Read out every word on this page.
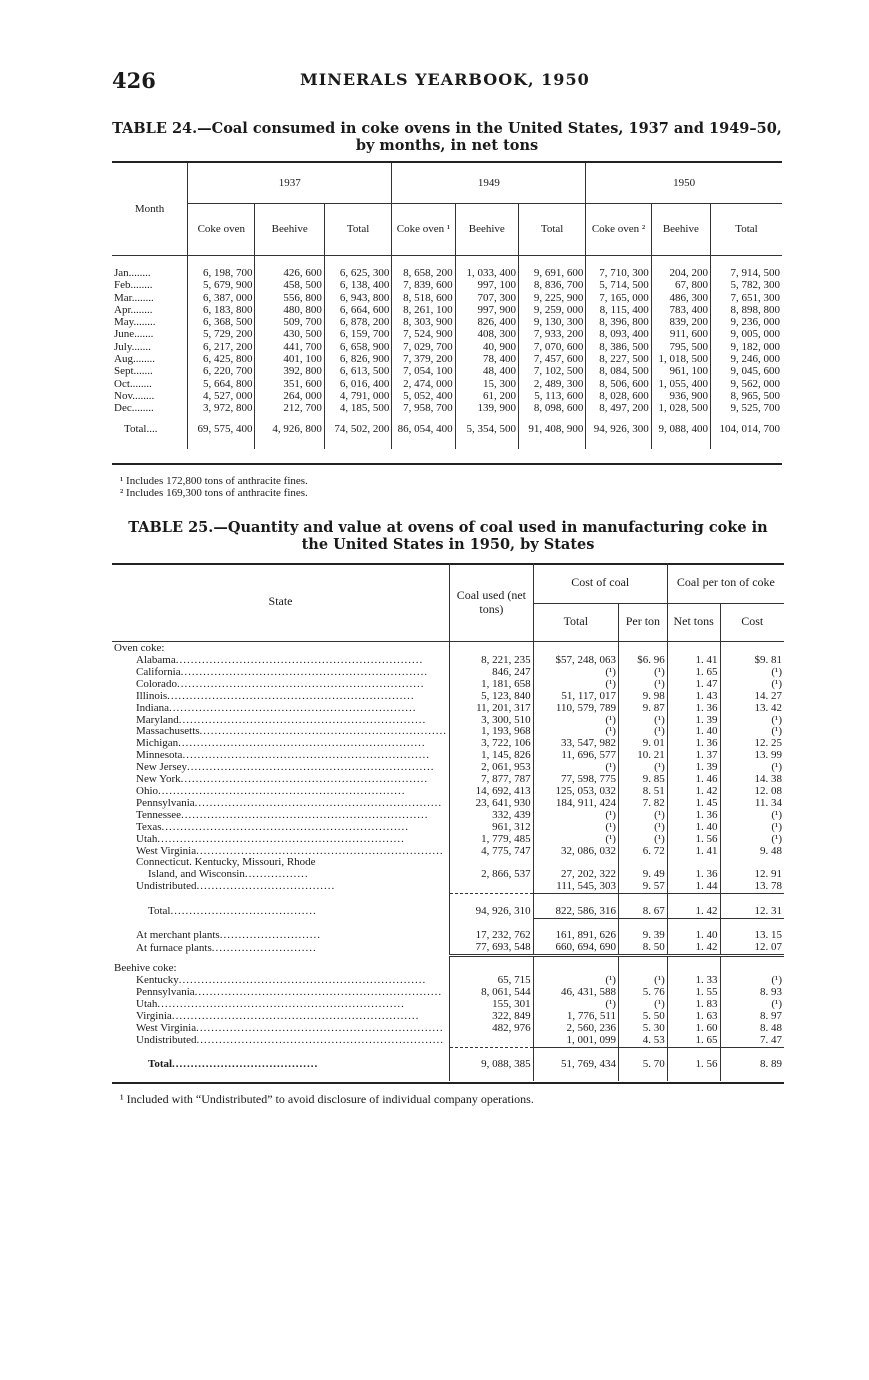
426	MINERALS YEARBOOK, 1950
TABLE 24.—Coal consumed in coke ovens in the United States, 1937 and 1949–50,
by months, in net tons
Month	1937			1949			1950		
	Coke oven	Beehive	Total	Coke oven ¹	Beehive	Total	Coke oven ²	Beehive	Total

Jan........	6, 198, 700	426, 600	6, 625, 300	8, 658, 200	1, 033, 400	9, 691, 600	7, 710, 300	204, 200	7, 914, 500
Feb........	5, 679, 900	458, 500	6, 138, 400	7, 839, 600	997, 100	8, 836, 700	5, 714, 500	67, 800	5, 782, 300
Mar........	6, 387, 000	556, 800	6, 943, 800	8, 518, 600	707, 300	9, 225, 900	7, 165, 000	486, 300	7, 651, 300
Apr........	6, 183, 800	480, 800	6, 664, 600	8, 261, 100	997, 900	9, 259, 000	8, 115, 400	783, 400	8, 898, 800
May........	6, 368, 500	509, 700	6, 878, 200	8, 303, 900	826, 400	9, 130, 300	8, 396, 800	839, 200	9, 236, 000
June.......	5, 729, 200	430, 500	6, 159, 700	7, 524, 900	408, 300	7, 933, 200	8, 093, 400	911, 600	9, 005, 000
July.......	6, 217, 200	441, 700	6, 658, 900	7, 029, 700	40, 900	7, 070, 600	8, 386, 500	795, 500	9, 182, 000
Aug........	6, 425, 800	401, 100	6, 826, 900	7, 379, 200	78, 400	7, 457, 600	8, 227, 500	1, 018, 500	9, 246, 000
Sept.......	6, 220, 700	392, 800	6, 613, 500	7, 054, 100	48, 400	7, 102, 500	8, 084, 500	961, 100	9, 045, 600
Oct........	5, 664, 800	351, 600	6, 016, 400	2, 474, 000	15, 300	2, 489, 300	8, 506, 600	1, 055, 400	9, 562, 000
Nov........	4, 527, 000	264, 000	4, 791, 000	5, 052, 400	61, 200	5, 113, 600	8, 028, 600	936, 900	8, 965, 500
Dec........	3, 972, 800	212, 700	4, 185, 500	7, 958, 700	139, 900	8, 098, 600	8, 497, 200	1, 028, 500	9, 525, 700

Total....	69, 575, 400	4, 926, 800	74, 502, 200	86, 054, 400	5, 354, 500	91, 408, 900	94, 926, 300	9, 088, 400	104, 014, 700

¹ Includes 172,800 tons of anthracite fines.
² Includes 169,300 tons of anthracite fines.
TABLE 25.—Quantity and value at ovens of coal used in manufacturing coke in
the United States in 1950, by States
State	Coal used (net tons)	Cost of coal		Coal per ton of coke	
		Total	Per ton	Net tons	Cost
Oven coke:					
Alabama..................................................................	8, 221, 235	$57, 248, 063	$6. 96	1. 41	$9. 81
California..................................................................	846, 247	(¹)	(¹)	1. 65	(¹)
Colorado..................................................................	1, 181, 658	(¹)	(¹)	1. 47	(¹)
Illinois..................................................................	5, 123, 840	51, 117, 017	9. 98	1. 43	14. 27
Indiana..................................................................	11, 201, 317	110, 579, 789	9. 87	1. 36	13. 42
Maryland..................................................................	3, 300, 510	(¹)	(¹)	1. 39	(¹)
Massachusetts..................................................................	1, 193, 968	(¹)	(¹)	1. 40	(¹)
Michigan..................................................................	3, 722, 106	33, 547, 982	9. 01	1. 36	12. 25
Minnesota..................................................................	1, 145, 826	11, 696, 577	10. 21	1. 37	13. 99
New Jersey..................................................................	2, 061, 953	(¹)	(¹)	1. 39	(¹)
New York..................................................................	7, 877, 787	77, 598, 775	9. 85	1. 46	14. 38
Ohio..................................................................	14, 692, 413	125, 053, 032	8. 51	1. 42	12. 08
Pennsylvania..................................................................	23, 641, 930	184, 911, 424	7. 82	1. 45	11. 34
Tennessee..................................................................	332, 439	(¹)	(¹)	1. 36	(¹)
Texas..................................................................	961, 312	(¹)	(¹)	1. 40	(¹)
Utah..................................................................	1, 779, 485	(¹)	(¹)	1. 56	(¹)
West Virginia..................................................................	4, 775, 747	32, 086, 032	6. 72	1. 41	9. 48
Connecticut. Kentucky, Missouri, Rhode					
Island, and Wisconsin.................	2, 866, 537	27, 202, 322	9. 49	1. 36	12. 91
Undistributed.....................................		111, 545, 303	9. 57	1. 44	13. 78

Total.......................................	94, 926, 310	822, 586, 316	8. 67	1. 42	12. 31

At merchant plants...........................	17, 232, 762	161, 891, 626	9. 39	1. 40	13. 15
At furnace plants............................	77, 693, 548	660, 694, 690	8. 50	1. 42	12. 07

Beehive coke:					
Kentucky..................................................................	65, 715	(¹)	(¹)	1. 33	(¹)
Pennsylvania..................................................................	8, 061, 544	46, 431, 588	5. 76	1. 55	8. 93
Utah..................................................................	155, 301	(¹)	(¹)	1. 83	(¹)
Virginia..................................................................	322, 849	1, 776, 511	5. 50	1. 63	8. 97
West Virginia..................................................................	482, 976	2, 560, 236	5. 30	1. 60	8. 48
Undistributed..................................................................		1, 001, 099	4. 53	1. 65	7. 47

Total.......................................	9, 088, 385	51, 769, 434	5. 70	1. 56	8. 89

¹ Included with “Undistributed” to avoid disclosure of individual company operations.
